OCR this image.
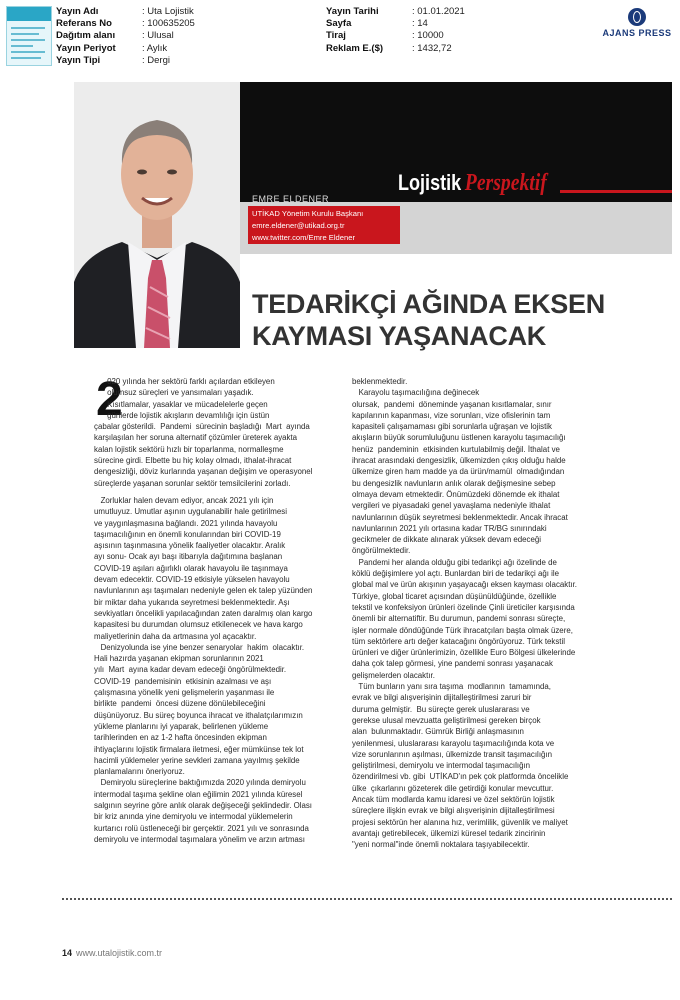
Yayın Adı	: Uta Lojistik
Referans No	: 100635205
Dağıtım alanı	: Ulusal
Yayın Periyot	: Aylık
Yayın Tipi	: Dergi
Yayın Tarihi	: 01.01.2021
Sayfa	: 14
Tiraj	: 10000
Reklam E.($)	: 1432,72
AJANS PRESS
EMRE ELDENER
UTİKAD Yönetim Kurulu Başkanı
emre.eldener@utikad.org.tr
www.twitter.com/Emre Eldener
Lojistik Perspektif
TEDARİKÇİ AĞINDA EKSEN
KAYMASI YAŞANACAK
2
020 yılında her sektörü farklı açılardan etkileyen
olumsuz süreçleri ve yansımaları yaşadık.
Kısıtlamalar, yasaklar ve mücadelelerle geçen
günlerde lojistik akışların devamlılığı için üstün
çabalar gösterildi.  Pandemi  sürecinin başladığı  Mart  ayında
karşılaşılan her soruna alternatif çözümler üreterek ayakta
kalan lojistik sektörü hızlı bir toparlanma, normalleşme
sürecine girdi. Elbette bu hiç kolay olmadı, ithalat-ihracat
dengesizliği, döviz kurlarında yaşanan değişim ve operasyonel
süreçlerde yaşanan sorunlar sektör temsilcilerini zorladı.
Zorluklar halen devam ediyor, ancak 2021 yılı için
umutluyuz. Umutlar aşının uygulanabilir hale getirilmesi
ve yaygınlaşmasına bağlandı. 2021 yılında havayolu
taşımacılığının en önemli konularından biri COVID-19
aşısının taşınmasına yönelik faaliyetler olacaktır. Aralık
ayı sonu- Ocak ayı başı itibarıyla dağıtımına başlanan
COVID-19 aşıları ağırlıklı olarak havayolu ile taşınmaya
devam edecektir. COVID-19 etkisiyle yükselen havayolu
navlunlarının aşı taşımaları nedeniyle gelen ek talep yüzünden
bir miktar daha yukarıda seyretmesi beklenmektedir. Aşı
sevkiyatları öncelikli yapılacağından zaten daralmış olan kargo
kapasitesi bu durumdan olumsuz etkilenecek ve hava kargo
maliyetlerinin daha da artmasına yol açacaktır.
Denizyolunda ise yine benzer senaryolar  hakim  olacaktır.
Hali hazırda yaşanan ekipman sorunlarının 2021
yılı  Mart  ayına kadar devam edeceği öngörülmektedir.
COVID-19  pandemisinin  etkisinin azalması ve aşı
çalışmasına yönelik yeni gelişmelerin yaşanması ile
birlikte  pandemi  öncesi düzene dönülebileceğini
düşünüyoruz. Bu süreç boyunca ihracat ve ithalatçılarımızın
yükleme planlarını iyi yaparak, belirlenen yükleme
tarihlerinden en az 1-2 hafta öncesinden ekipman
ihtiyaçlarını lojistik firmalara iletmesi, eğer mümkünse tek lot
hacimli yüklemeler yerine sevkleri zamana yayılmış şekilde
planlamalarını öneriyoruz.
Demiryolu süreçlerine baktığımızda 2020 yılında demiryolu
intermodal taşıma şekline olan eğilimin 2021 yılında küresel
salgının seyrine göre anlık olarak değişeceği şeklindedir. Olası
bir kriz anında yine demiryolu ve intermodal yüklemelerin
kurtarıcı rolü üstleneceği bir gerçektir. 2021 yılı ve sonrasında
demiryolu ve intermodal taşımalara yönelim ve arzın artması
beklenmektedir.
Karayolu taşımacılığına değinecek
olursak,  pandemi  döneminde yaşanan kısıtlamalar, sınır
kapılarının kapanması, vize sorunları, vize ofislerinin tam
kapasiteli çalışamaması gibi sorunlarla uğraşan ve lojistik
akışların büyük sorumluluğunu üstlenen karayolu taşımacılığı
henüz  pandeminin  etkisinden kurtulabilmiş değil. İthalat ve
ihracat arasındaki dengesizlik, ülkemizden çıkış olduğu halde
ülkemize giren ham madde ya da ürün/mamül  olmadığından
bu dengesizlik navlunların anlık olarak değişmesine sebep
olmaya devam etmektedir. Önümüzdeki dönemde ek ithalat
vergileri ve piyasadaki genel yavaşlama nedeniyle ithalat
navlunlarının düşük seyretmesi beklenmektedir. Ancak ihracat
navlunlarının 2021 yılı ortasına kadar TR/BG sınırındaki
gecikmeler de dikkate alınarak yüksek devam edeceği
öngörülmektedir.
Pandemi her alanda olduğu gibi tedarikçi ağı özelinde de
köklü değişimlere yol açtı. Bunlardan biri de tedarikçi ağı ile
global mal ve ürün akışının yaşayacağı eksen kayması olacaktır.
Türkiye, global ticaret açısından düşünüldüğünde, özellikle
tekstil ve konfeksiyon ürünleri özelinde Çinli üreticiler karşısında
önemli bir alternatiftir. Bu durumun, pandemi sonrası süreçte,
işler normale döndüğünde Türk ihracatçıları başta olmak üzere,
tüm sektörlere artı değer katacağını öngörüyoruz. Türk tekstil
ürünleri ve diğer ürünlerimizin, özellikle Euro Bölgesi ülkelerinde
daha çok talep görmesi, yine pandemi sonrası yaşanacak
gelişmelerden olacaktır.
Tüm bunların yanı sıra taşıma  modlarının  tamamında,
evrak ve bilgi alışverişinin dijitalleştirilmesi zaruri bir
duruma gelmiştir.  Bu süreçte gerek uluslararası ve
gerekse ulusal mevzuatta geliştirilmesi gereken birçok
alan  bulunmaktadır. Gümrük Birliği anlaşmasının
yenilenmesi, uluslararası karayolu taşımacılığında kota ve
vize sorunlarının aşılması, ülkemizde transit taşımacılığın
geliştirilmesi, demiryolu ve intermodal taşımacılığın
özendirilmesi vb. gibi  UTİKAD'ın pek çok platformda öncelikle
ülke  çıkarlarını gözeterek dile getirdiği konular mevcuttur.
Ancak tüm modlarda kamu idaresi ve özel sektörün lojistik
süreçlere ilişkin evrak ve bilgi alışverişinin dijitalleştirilmesi
projesi sektörün her alanına hız, verimlilik, güvenlik ve maliyet
avantajı getirebilecek, ülkemizi küresel tedarik zincirinin
"yeni normal"inde önemli noktalara taşıyabilecektir.
14 www.utalojistik.com.tr
